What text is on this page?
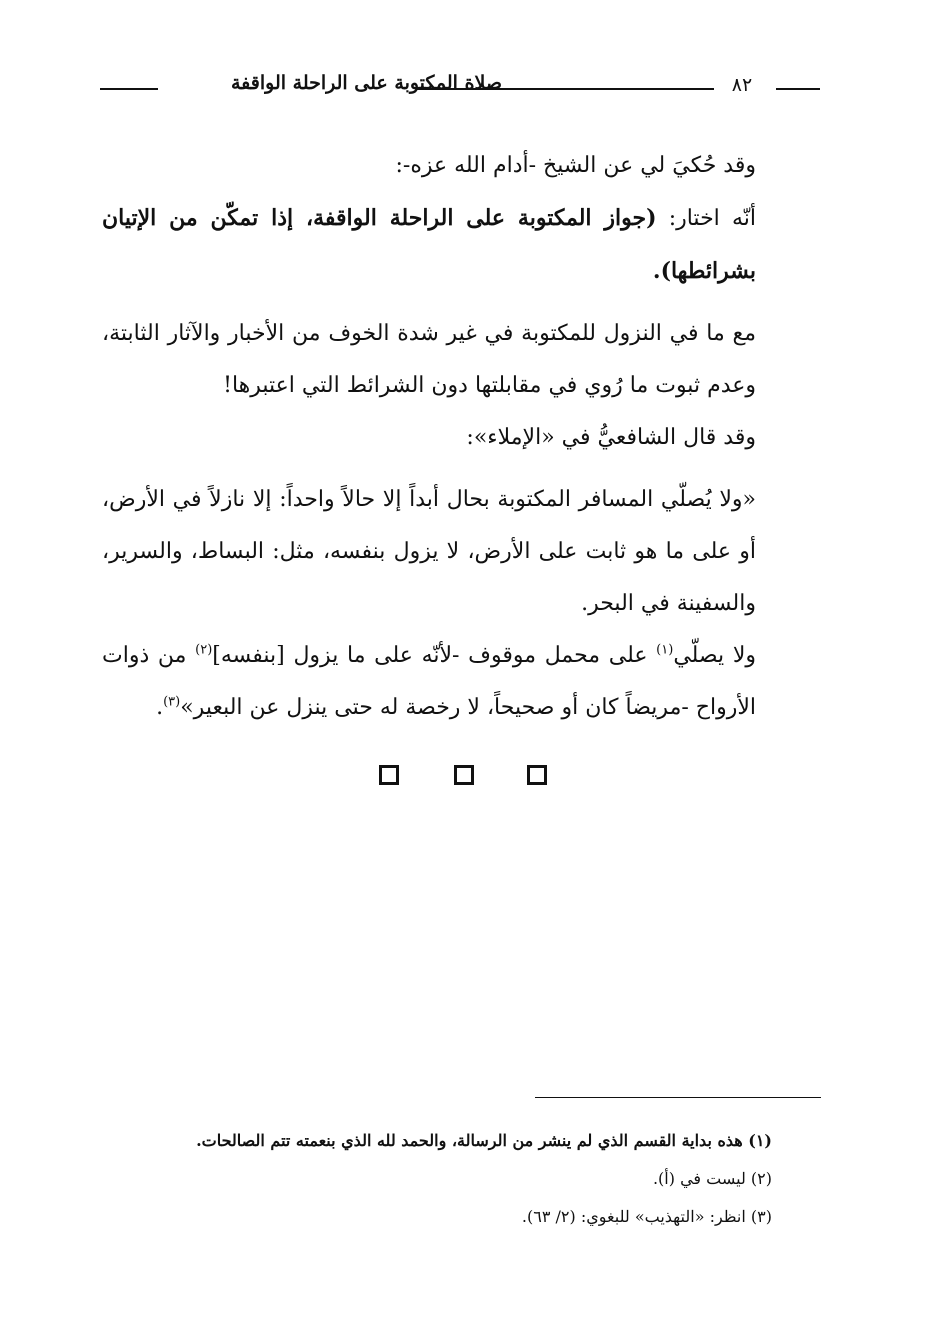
صلاة المكتوبة على الراحلة الواقفة	٨٢

وقد حُكيَ لي عن الشيخ -أدام الله عزه-:

أنّه اختار: (جواز المكتوبة على الراحلة الواقفة، إذا تمكّن من الإتيان بشرائطها).

مع ما في النزول للمكتوبة في غير شدة الخوف من الأخبار والآثار الثابتة، وعدم ثبوت ما رُوي في مقابلتها دون الشرائط التي اعتبرها!

وقد قال الشافعيُّ في «الإملاء»:

«ولا يُصلّي المسافر المكتوبة بحال أبداً إلا حالاً واحداً: إلا نازلاً في الأرض، أو على ما هو ثابت على الأرض، لا يزول بنفسه، مثل: البساط، والسرير، والسفينة في البحر.

ولا يصلّي$^{(١)}$ على محمل موقوف -لأنّه على ما يزول [بنفسه]$^{(٢)}$ من ذوات الأرواح -مريضاً كان أو صحيحاً، لا رخصة له حتى ينزل عن البعير»$^{(٣)}$.

(١) هذه بداية القسم الذي لم ينشر من الرسالة، والحمد لله الذي بنعمته تتم الصالحات.
(٢) ليست في (أ).
(٣) انظر: «التهذيب» للبغوي: (٢/ ٦٣).
